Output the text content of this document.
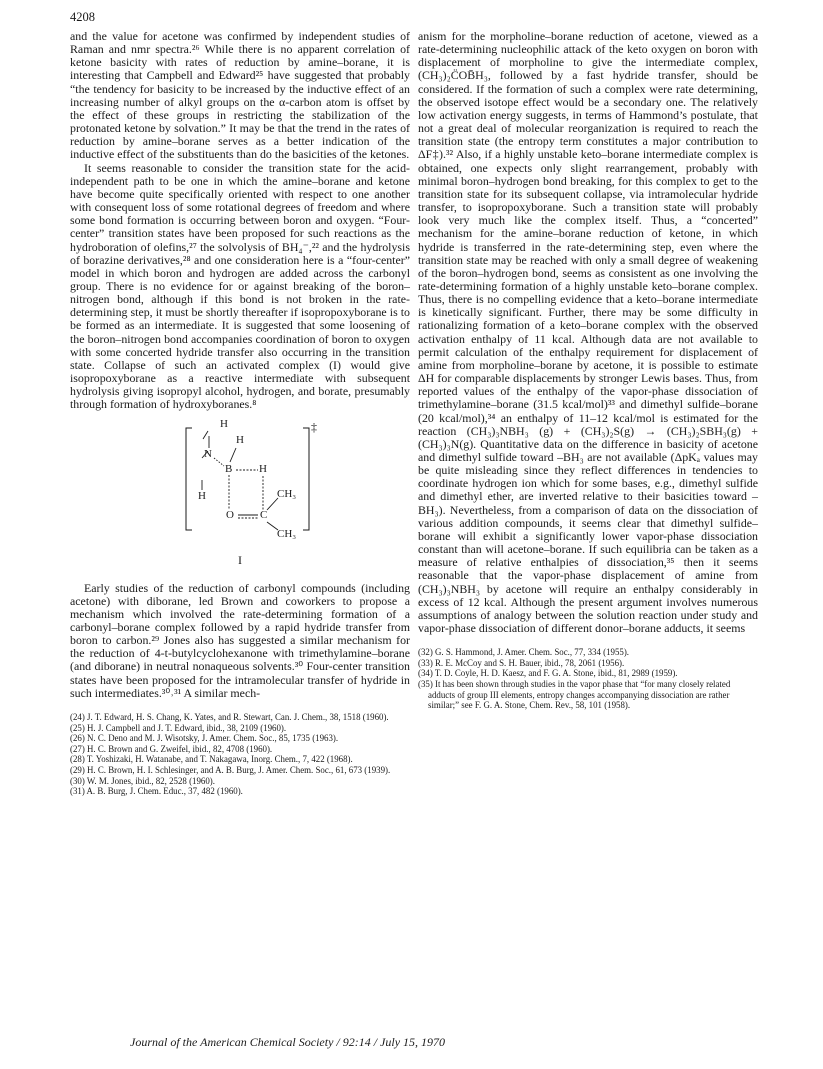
4208

and the value for acetone was confirmed by independent studies of Raman and nmr spectra.²⁶ While there is no apparent correlation of ketone basicity with rates of reduction by amine–borane, it is interesting that Campbell and Edward²⁵ have suggested that probably “the tendency for basicity to be increased by the inductive effect of an increasing number of alkyl groups on the α-carbon atom is offset by the effect of these groups in restricting the stabilization of the protonated ketone by solvation.” It may be that the trend in the rates of reduction by amine–borane serves as a better indication of the inductive effect of the substituents than do the basicities of the ketones.

It seems reasonable to consider the transition state for the acid-independent path to be one in which the amine–borane and ketone have become quite specifically oriented with respect to one another with consequent loss of some rotational degrees of freedom and where some bond formation is occurring between boron and oxygen. “Four-center” transition states have been proposed for such reactions as the hydroboration of olefins,²⁷ the solvolysis of BH₄⁻,²² and the hydrolysis of borazine derivatives,²⁸ and one consideration here is a “four-center” model in which boron and hydrogen are added across the carbonyl group. There is no evidence for or against breaking of the boron–nitrogen bond, although if this bond is not broken in the rate-determining step, it must be shortly thereafter if isopropoxyborane is to be formed as an intermediate. It is suggested that some loosening of the boron–nitrogen bond accompanies coordination of boron to oxygen with some concerted hydride transfer also occurring in the transition state. Collapse of such an activated complex (I) would give isopropoxyborane as a reactive intermediate with subsequent hydrolysis giving isopropyl alcohol, hydrogen, and borate, presumably through formation of hydroxyboranes.⁸

H
H
N
B H
H
O C
CH₃
CH₃
‡
I

Early studies of the reduction of carbonyl compounds (including acetone) with diborane, led Brown and coworkers to propose a mechanism which involved the rate-determining formation of a carbonyl–borane complex followed by a rapid hydride transfer from boron to carbon.²⁹ Jones also has suggested a similar mechanism for the reduction of 4-t-butylcyclohexanone with trimethylamine–borane (and diborane) in neutral nonaqueous solvents.³⁰ Four-center transition states have been proposed for the intramolecular transfer of hydride in such intermediates.³⁰˒³¹ A similar mech-

(24) J. T. Edward, H. S. Chang, K. Yates, and R. Stewart, Can. J. Chem., 38, 1518 (1960).

(25) H. J. Campbell and J. T. Edward, ibid., 38, 2109 (1960).

(26) N. C. Deno and M. J. Wisotsky, J. Amer. Chem. Soc., 85, 1735 (1963).

(27) H. C. Brown and G. Zweifel, ibid., 82, 4708 (1960).

(28) T. Yoshizaki, H. Watanabe, and T. Nakagawa, Inorg. Chem., 7, 422 (1968).

(29) H. C. Brown, H. I. Schlesinger, and A. B. Burg, J. Amer. Chem. Soc., 61, 673 (1939).

(30) W. M. Jones, ibid., 82, 2528 (1960).

(31) A. B. Burg, J. Chem. Educ., 37, 482 (1960).

anism for the morpholine–borane reduction of acetone, viewed as a rate-determining nucleophilic attack of the keto oxygen on boron with displacement of morpholine to give the intermediate complex, (CH₃)₂C̈OB̄H₃, followed by a fast hydride transfer, should be considered. If the formation of such a complex were rate determining, the observed isotope effect would be a secondary one. The relatively low activation energy suggests, in terms of Hammond’s postulate, that not a great deal of molecular reorganization is required to reach the transition state (the entropy term constitutes a major contribution to ΔF‡).³² Also, if a highly unstable keto–borane intermediate complex is obtained, one expects only slight rearrangement, probably with minimal boron–hydrogen bond breaking, for this complex to get to the transition state for its subsequent collapse, via intramolecular hydride transfer, to isopropoxyborane. Such a transition state will probably look very much like the complex itself. Thus, a “concerted” mechanism for the amine–borane reduction of ketone, in which hydride is transferred in the rate-determining step, even where the transition state may be reached with only a small degree of weakening of the boron–hydrogen bond, seems as consistent as one involving the rate-determining formation of a highly unstable keto–borane complex. Thus, there is no compelling evidence that a keto–borane intermediate is kinetically significant. Further, there may be some difficulty in rationalizing formation of a keto–borane complex with the observed activation enthalpy of 11 kcal. Although data are not available to permit calculation of the enthalpy requirement for displacement of amine from morpholine–borane by acetone, it is possible to estimate ΔH for comparable displacements by stronger Lewis bases. Thus, from reported values of the enthalpy of the vapor-phase dissociation of trimethylamine–borane (31.5 kcal/mol)³³ and dimethyl sulfide–borane (20 kcal/mol),³⁴ an enthalpy of 11–12 kcal/mol is estimated for the reaction (CH₃)₃NBH₃ (g) + (CH₃)₂S(g) → (CH₃)₂SBH₃(g) + (CH₃)₃N(g). Quantitative data on the difference in basicity of acetone and dimethyl sulfide toward –BH₃ are not available (ΔpKₐ values may be quite misleading since they reflect differences in tendencies to coordinate hydrogen ion which for some bases, e.g., dimethyl sulfide and dimethyl ether, are inverted relative to their basicities toward –BH₃). Nevertheless, from a comparison of data on the dissociation of various addition compounds, it seems clear that dimethyl sulfide–borane will exhibit a significantly lower vapor-phase dissociation constant than will acetone–borane. If such equilibria can be taken as a measure of relative enthalpies of dissociation,³⁵ then it seems reasonable that the vapor-phase displacement of amine from (CH₃)₃NBH₃ by acetone will require an enthalpy considerably in excess of 12 kcal. Although the present argument involves numerous assumptions of analogy between the solution reaction under study and vapor-phase dissociation of different donor–borane adducts, it seems

(32) G. S. Hammond, J. Amer. Chem. Soc., 77, 334 (1955).

(33) R. E. McCoy and S. H. Bauer, ibid., 78, 2061 (1956).

(34) T. D. Coyle, H. D. Kaesz, and F. G. A. Stone, ibid., 81, 2989 (1959).

(35) It has been shown through studies in the vapor phase that “for many closely related adducts of group III elements, entropy changes accompanying dissociation are rather similar;” see F. G. A. Stone, Chem. Rev., 58, 101 (1958).

Journal of the American Chemical Society / 92:14 / July 15, 1970
